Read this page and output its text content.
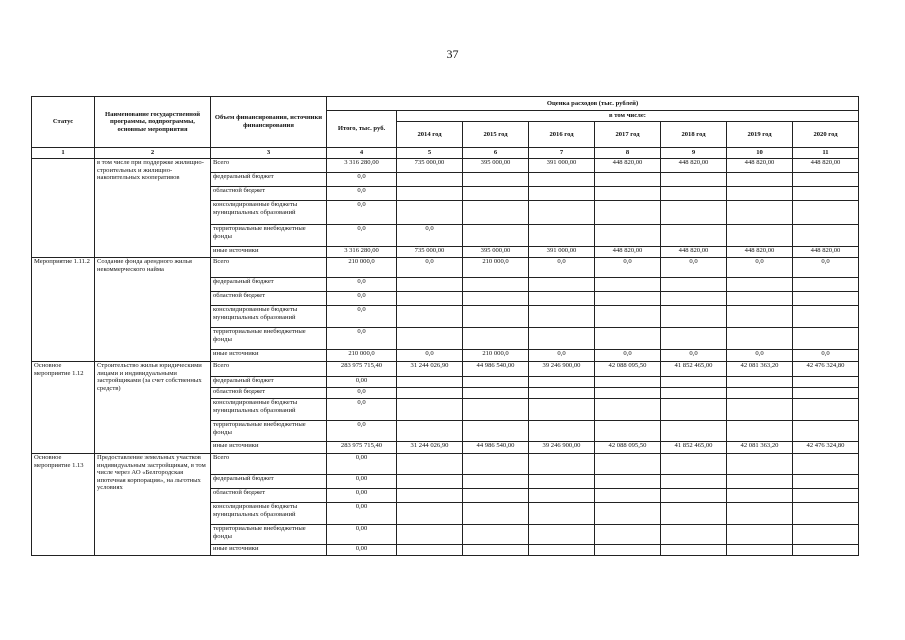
37
Статус	Наименование государственной программы, подпрограммы, основные мероприятия	Объем финансирования, источники финансирования	Оценка расходов (тыс. рублей)							
			Итого, тыс. руб.	в том числе:						
				2014 год	2015 год	2016 год	2017 год	2018 год	2019 год	2020 год
1	2	3	4	5	6	7	8	9	10	11
	в том числе при поддержке жилищно-строительных и жилищно-накопительных кооперативов	Всего	3 316 280,00	735 000,00	395 000,00	391 000,00	448 820,00	448 820,00	448 820,00	448 820,00
		федеральный бюджет	0,0							
		областной бюджет	0,0							
		консолидированные бюджеты муниципальных образований	0,0							
		территориальные внебюджетные фонды	0,0	0,0						
		иные источники	3 316 280,00	735 000,00	395 000,00	391 000,00	448 820,00	448 820,00	448 820,00	448 820,00
Мероприятие 1.11.2	Создание фонда арендного жилья некоммерческого найма	Всего	210 000,0	0,0	210 000,0	0,0	0,0	0,0	0,0	0,0
		федеральный бюджет	0,0							
		областной бюджет	0,0							
		консолидированные бюджеты муниципальных образований	0,0							
		территориальные внебюджетные фонды	0,0							
		иные источники	210 000,0	0,0	210 000,0	0,0	0,0	0,0	0,0	0,0
Основное мероприятие 1.12	Строительство жилья юридическими лицами и индивидуальными застройщиками (за счет собственных средств)	Всего	283 975 715,40	31 244 026,90	44 986 540,00	39 246 900,00	42 088 095,50	41 852 465,00	42 081 363,20	42 476 324,80
		федеральный бюджет	0,00							
		областной бюджет	0,0							
		консолидированные бюджеты муниципальных образований	0,0							
		территориальные внебюджетные фонды	0,0							
		иные источники	283 975 715,40	31 244 026,90	44 986 540,00	39 246 900,00	42 088 095,50	41 852 465,00	42 081 363,20	42 476 324,80
Основное мероприятие 1.13	Предоставление земельных участков индивидуальным застройщикам, в том числе через АО «Белгородская ипотечная корпорация», на льготных условиях	Всего	0,00							
		федеральный бюджет	0,00							
		областной бюджет	0,00							
		консолидированные бюджеты муниципальных образований	0,00							
		территориальные внебюджетные фонды	0,00							
		иные источники	0,00							
